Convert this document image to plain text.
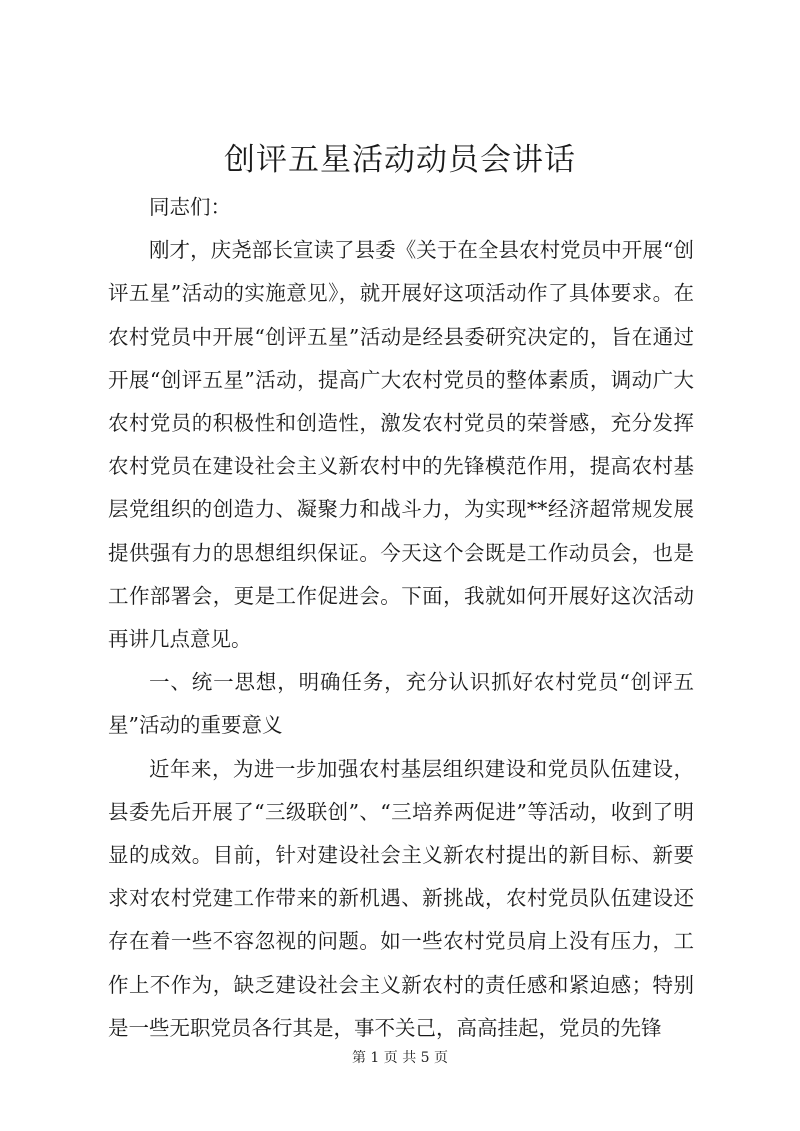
创评五星活动动员会讲话

同志们：

刚才，庆尧部长宣读了县委《关于在全县农村党员中开展“创评五星”活动的实施意见》，就开展好这项活动作了具体要求。在农村党员中开展“创评五星”活动是经县委研究决定的，旨在通过开展“创评五星”活动，提高广大农村党员的整体素质，调动广大农村党员的积极性和创造性，激发农村党员的荣誉感，充分发挥农村党员在建设社会主义新农村中的先锋模范作用，提高农村基层党组织的创造力、凝聚力和战斗力，为实现**经济超常规发展提供强有力的思想组织保证。今天这个会既是工作动员会，也是工作部署会，更是工作促进会。下面，我就如何开展好这次活动再讲几点意见。

一、统一思想，明确任务，充分认识抓好农村党员“创评五星”活动的重要意义

近年来，为进一步加强农村基层组织建设和党员队伍建设，县委先后开展了“三级联创”、“三培养两促进”等活动，收到了明显的成效。目前，针对建设社会主义新农村提出的新目标、新要求对农村党建工作带来的新机遇、新挑战，农村党员队伍建设还存在着一些不容忽视的问题。如一些农村党员肩上没有压力，工作上不作为，缺乏建设社会主义新农村的责任感和紧迫感；特别是一些无职党员各行其是，事不关己，高高挂起，党员的先锋

第 1 页 共 5 页
